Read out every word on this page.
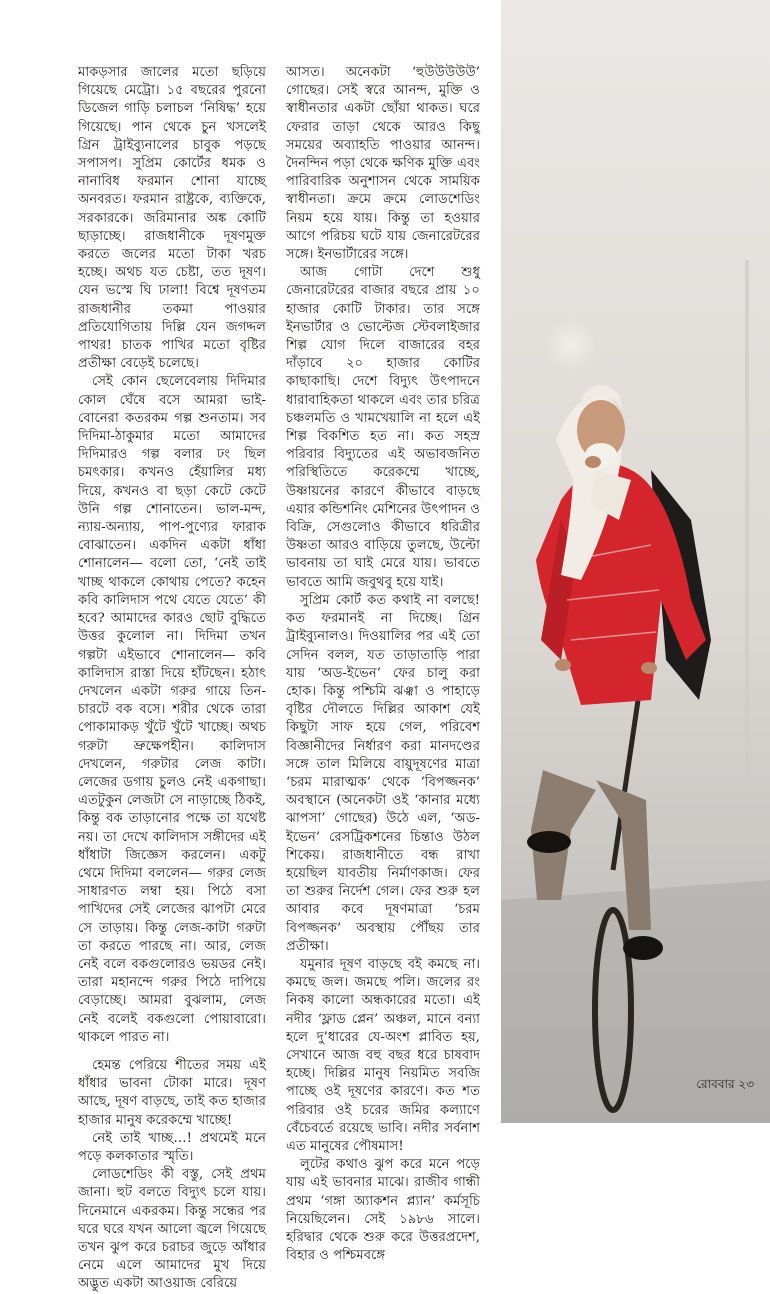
মাকড়সার জালের মতো ছড়িয়ে গিয়েছে মেট্রো। ১৫ বছরের পুরনো ডিজেল গাড়ি চলাচল ‘নিষিদ্ধ’ হয়ে গিয়েছে। পান থেকে চুন খসলেই গ্রিন ট্রাইব্যুনালের চাবুক পড়ছে সপাসপ। সুপ্রিম কোর্টের ধমক ও নানাবিধ ফরমান শোনা যাচ্ছে অনবরত। ফরমান রাষ্ট্রকে, ব্যক্তিকে, সরকারকে। জরিমানার অঙ্ক কোটি ছাড়াচ্ছে। রাজধানীকে দূষণমুক্ত করতে জলের মতো টাকা খরচ হচ্ছে। অথচ যত চেষ্টা, তত দূষণ। যেন ভস্মে ঘি ঢালা! বিশ্বে দূষণতম রাজধানীর তকমা পাওয়ার প্রতিযোগিতায় দিল্লি যেন জগদ্দল পাথর! চাতক পাখির মতো বৃষ্টির প্রতীক্ষা বেড়েই চলেছে।

সেই কোন ছেলেবেলায় দিদিমার কোল ঘেঁষে বসে আমরা ভাই-বোনেরা কতরকম গল্প শুনতাম। সব দিদিমা-ঠাকুমার মতো আমাদের দিদিমারও গল্প বলার ঢং ছিল চমৎকার। কখনও হেঁয়ালির মধ্য দিয়ে, কখনও বা ছড়া কেটে কেটে উনি গল্প শোনাতেন। ভাল-মন্দ, ন্যায়-অন্যায়, পাপ-পুণ্যের ফারাক বোঝাতেন। একদিন একটা ধাঁধা শোনালেন— বলো তো, ‘নেই তাই খাচ্ছ থাকলে কোথায় পেতে? কহেন কবি কালিদাস পথে যেতে যেতে’ কী হবে? আমাদের কারও ছোট বুদ্ধিতে উত্তর কুলোল না। দিদিমা তখন গল্পটা এইভাবে শোনালেন— কবি কালিদাস রাস্তা দিয়ে হাঁটছেন। হঠাৎ দেখলেন একটা গরুর গায়ে তিন-চারটে বক বসে। শরীর থেকে তারা পোকামাকড় খুঁটে খুঁটে খাচ্ছে। অথচ গরুটা ভ্রুক্ষেপহীন। কালিদাস দেখলেন, গরুটার লেজ কাটা। লেজের ডগায় চুলও নেই একগাছা। এতটুকুন লেজটা সে নাড়াচ্ছে ঠিকই, কিন্তু বক তাড়ানোর পক্ষে তা যথেষ্ট নয়। তা দেখে কালিদাস সঙ্গীদের এই ধাঁধাটা জিজ্ঞেস করলেন। একটু থেমে দিদিমা বললেন— গরুর লেজ সাধারণত লম্বা হয়। পিঠে বসা পাখিদের সেই লেজের ঝাপটা মেরে সে তাড়ায়। কিন্তু লেজ-কাটা গরুটা তা করতে পারছে না। আর, লেজ নেই বলে বকগুলোরও ভয়ডর নেই। তারা মহানন্দে গরুর পিঠে দাপিয়ে বেড়াচ্ছে। আমরা বুঝলাম, লেজ নেই বলেই বকগুলো পোয়াবারো। থাকলে পারত না।

হেমন্ত পেরিয়ে শীতের সময় এই ধাঁধার ভাবনা টোকা মারে। দূষণ আছে, দূষণ বাড়ছে, তাই কত হাজার হাজার মানুষ করেকম্মে খাচ্ছে!

নেই তাই খাচ্ছ…! প্রথমেই মনে পড়ে কলকাতার স্মৃতি।

লোডশেডিং কী বস্তু, সেই প্রথম জানা। হুট বলতে বিদ্যুৎ চলে যায়। দিনেমানে একরকম। কিন্তু সন্ধের পর ঘরে ঘরে যখন আলো জ্বলে গিয়েছে তখন ঝুপ করে চরাচর জুড়ে আঁধার নেমে এলে আমাদের মুখ দিয়ে অদ্ভুত একটা আওয়াজ বেরিয়ে

আসত। অনেকটা ‘হুউউউউউ’ গোছের। সেই স্বরে আনন্দ, মুক্তি ও স্বাধীনতার একটা ছোঁয়া থাকত। ঘরে ফেরার তাড়া থেকে আরও কিছু সময়ের অব্যাহতি পাওয়ার আনন্দ। দৈনন্দিন পড়া থেকে ক্ষণিক মুক্তি এবং পারিবারিক অনুশাসন থেকে সাময়িক স্বাধীনতা। ক্রমে ক্রমে লোডশেডিং নিয়ম হয়ে যায়। কিন্তু তা হওয়ার আগে পরিচয় ঘটে যায় জেনারেটরের সঙ্গে। ইনভার্টারের সঙ্গে।

আজ গোটা দেশে শুধু জেনারেটরের বাজার বছরে প্রায় ১০ হাজার কোটি টাকার। তার সঙ্গে ইনভার্টার ও ভোল্টেজ স্টেবলাইজার শিল্প যোগ দিলে বাজারের বহর দাঁড়াবে ২০ হাজার কোটির কাছাকাছি। দেশে বিদ্যুৎ উৎপাদনে ধারাবাহিকতা থাকলে এবং তার চরিত্র চঞ্চলমতি ও খামখেয়ালি না হলে এই শিল্প বিকশিত হত না। কত সহস্র পরিবার বিদ্যুতের এই অভাবজনিত পরিস্থিতিতে করেকম্মে খাচ্ছে, উষ্ণায়নের কারণে কীভাবে বাড়ছে এয়ার কন্ডিশনিং মেশিনের উৎপাদন ও বিক্রি, সেগুলোও কীভাবে ধরিত্রীর উষ্ণতা আরও বাড়িয়ে তুলছে, উল্টো ভাবনায় তা ঘাই মেরে যায়। ভাবতে ভাবতে আমি জবুথবু হয়ে যাই।

সুপ্রিম কোর্ট কত কথাই না বলছে! কত ফরমানই না দিচ্ছে। গ্রিন ট্রাইব্যুনালও। দিওয়ালির পর এই তো সেদিন বলল, যত তাড়াতাড়ি পারা যায় ‘অড-ইভেন’ ফের চালু করা হোক। কিন্তু পশ্চিমি ঝঞ্ঝা ও পাহাড়ে বৃষ্টির দৌলতে দিল্লির আকাশ যেই কিছুটা সাফ হয়ে গেল, পরিবেশ বিজ্ঞানীদের নির্ধারণ করা মানদণ্ডের সঙ্গে তাল মিলিয়ে বায়ুদূষণের মাত্রা ‘চরম মারাত্মক’ থেকে ‘বিপজ্জনক’ অবস্থানে (অনেকটা ওই ‘কানার মধ্যে ঝাপসা’ গোছের) উঠে এল, ‘অড-ইভেন’ রেসট্রিকশনের চিন্তাও উঠল শিকেয়। রাজধানীতে বন্ধ রাখা হয়েছিল যাবতীয় নির্মাণকাজ। ফের তা শুরুর নির্দেশ গেল। ফের শুরু হল আবার কবে দূষণমাত্রা ‘চরম বিপজ্জনক’ অবস্থায় পৌঁছয় তার প্রতীক্ষা।

যমুনার দূষণ বাড়ছে বই কমছে না। কমছে জল। জমছে পলি। জলের রং নিকষ কালো অন্ধকারের মতো। এই নদীর ‘ফ্লাড প্লেন’ অঞ্চল, মানে বন্যা হলে দু’ধারের যে-অংশ প্লাবিত হয়, সেখানে আজ বহু বছর ধরে চাষবাদ হচ্ছে। দিল্লির মানুষ নিয়মিত সবজি পাচ্ছে ওই দূষণের কারণে। কত শত পরিবার ওই চরের জমির কল্যাণে বেঁচেবর্তে রয়েছে ভাবি। নদীর সর্বনাশ এত মানুষের পৌষমাস!

লুটের কথাও ঝুপ করে মনে পড়ে যায় এই ভাবনার মাঝে। রাজীব গান্ধী প্রথম ‘গঙ্গা অ্যাকশন প্ল্যান’ কর্মসূচি নিয়েছিলেন। সেই ১৯৮৬ সালে। হরিদ্বার থেকে শুরু করে উত্তরপ্রদেশ, বিহার ও পশ্চিমবঙ্গে

রোববার ২৩
